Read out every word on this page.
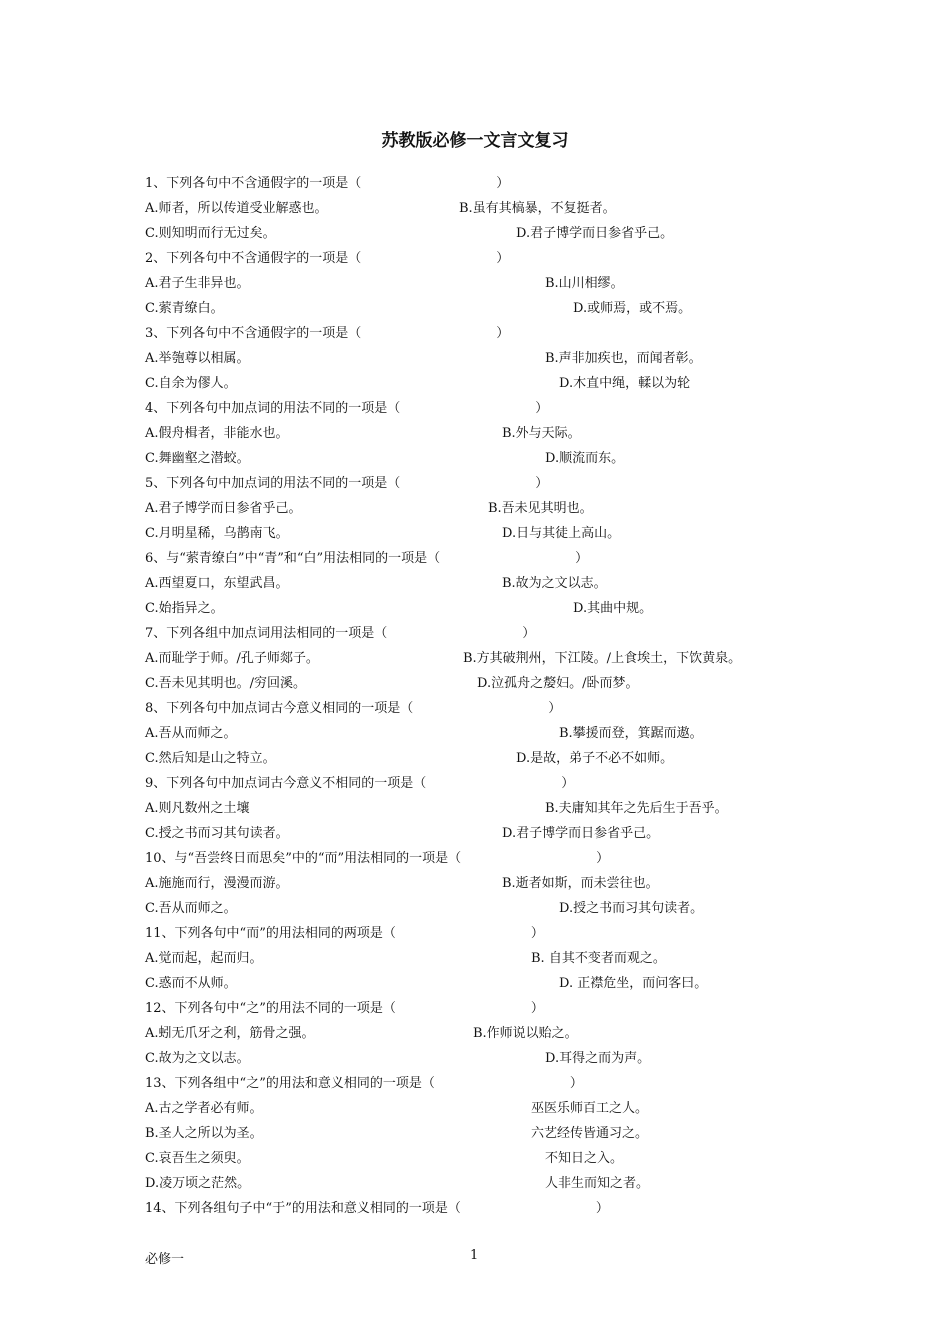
苏教版必修一文言文复习
1、下列各句中不含通假字的一项是（	）
A.师者，所以传道受业解惑也。	B.虽有其槁暴，不复挺者。
C.则知明而行无过矣。	D.君子博学而日参省乎己。
2、下列各句中不含通假字的一项是（	）
A.君子生非异也。	B.山川相缪。
C.萦青缭白。	D.或师焉，或不焉。
3、下列各句中不含通假字的一项是（	）
A.举匏尊以相属。	B.声非加疾也，而闻者彰。
C.自余为僇人。	D.木直中绳，輮以为轮
4、下列各句中加点词的用法不同的一项是（	）
A.假舟楫者，非能水也。	B.外与天际。
C.舞幽壑之潜蛟。	D.顺流而东。
5、下列各句中加点词的用法不同的一项是（	）
A.君子博学而日参省乎己。	B.吾未见其明也。
C.月明星稀，乌鹊南飞。	D.日与其徒上高山。
6、与“萦青缭白”中“青”和“白”用法相同的一项是（	）
A.西望夏口，东望武昌。	B.故为之文以志。
C.始指异之。	D.其曲中规。
7、下列各组中加点词用法相同的一项是（	）
A.而耻学于师。/孔子师郯子。	B.方其破荆州，下江陵。/上食埃土，下饮黄泉。
C.吾未见其明也。/穷回溪。	D.泣孤舟之嫠妇。/卧而梦。
8、下列各句中加点词古今意义相同的一项是（	）
A.吾从而师之。	B.攀援而登，箕踞而遨。
C.然后知是山之特立。	D.是故，弟子不必不如师。
9、下列各句中加点词古今意义不相同的一项是（	）
A.则凡数州之土壤	B.夫庸知其年之先后生于吾乎。
C.授之书而习其句读者。	D.君子博学而日参省乎己。
10、与“吾尝终日而思矣”中的“而”用法相同的一项是（	）
A.施施而行，漫漫而游。	B.逝者如斯，而未尝往也。
C.吾从而师之。	D.授之书而习其句读者。
11、下列各句中“而”的用法相同的两项是（	）
A.觉而起，起而归。	B. 自其不变者而观之。
C.惑而不从师。	D. 正襟危坐，而问客曰。
12、下列各句中“之”的用法不同的一项是（	）
A.蚓无爪牙之利，筋骨之强。	B.作师说以贻之。
C.故为之文以志。	D.耳得之而为声。
13、下列各组中“之”的用法和意义相同的一项是（	）
A.古之学者必有师。	巫医乐师百工之人。
B.圣人之所以为圣。	六艺经传皆通习之。
C.哀吾生之须臾。	不知日之入。
D.凌万顷之茫然。	人非生而知之者。
14、下列各组句子中“于”的用法和意义相同的一项是（	）
必修一	1
